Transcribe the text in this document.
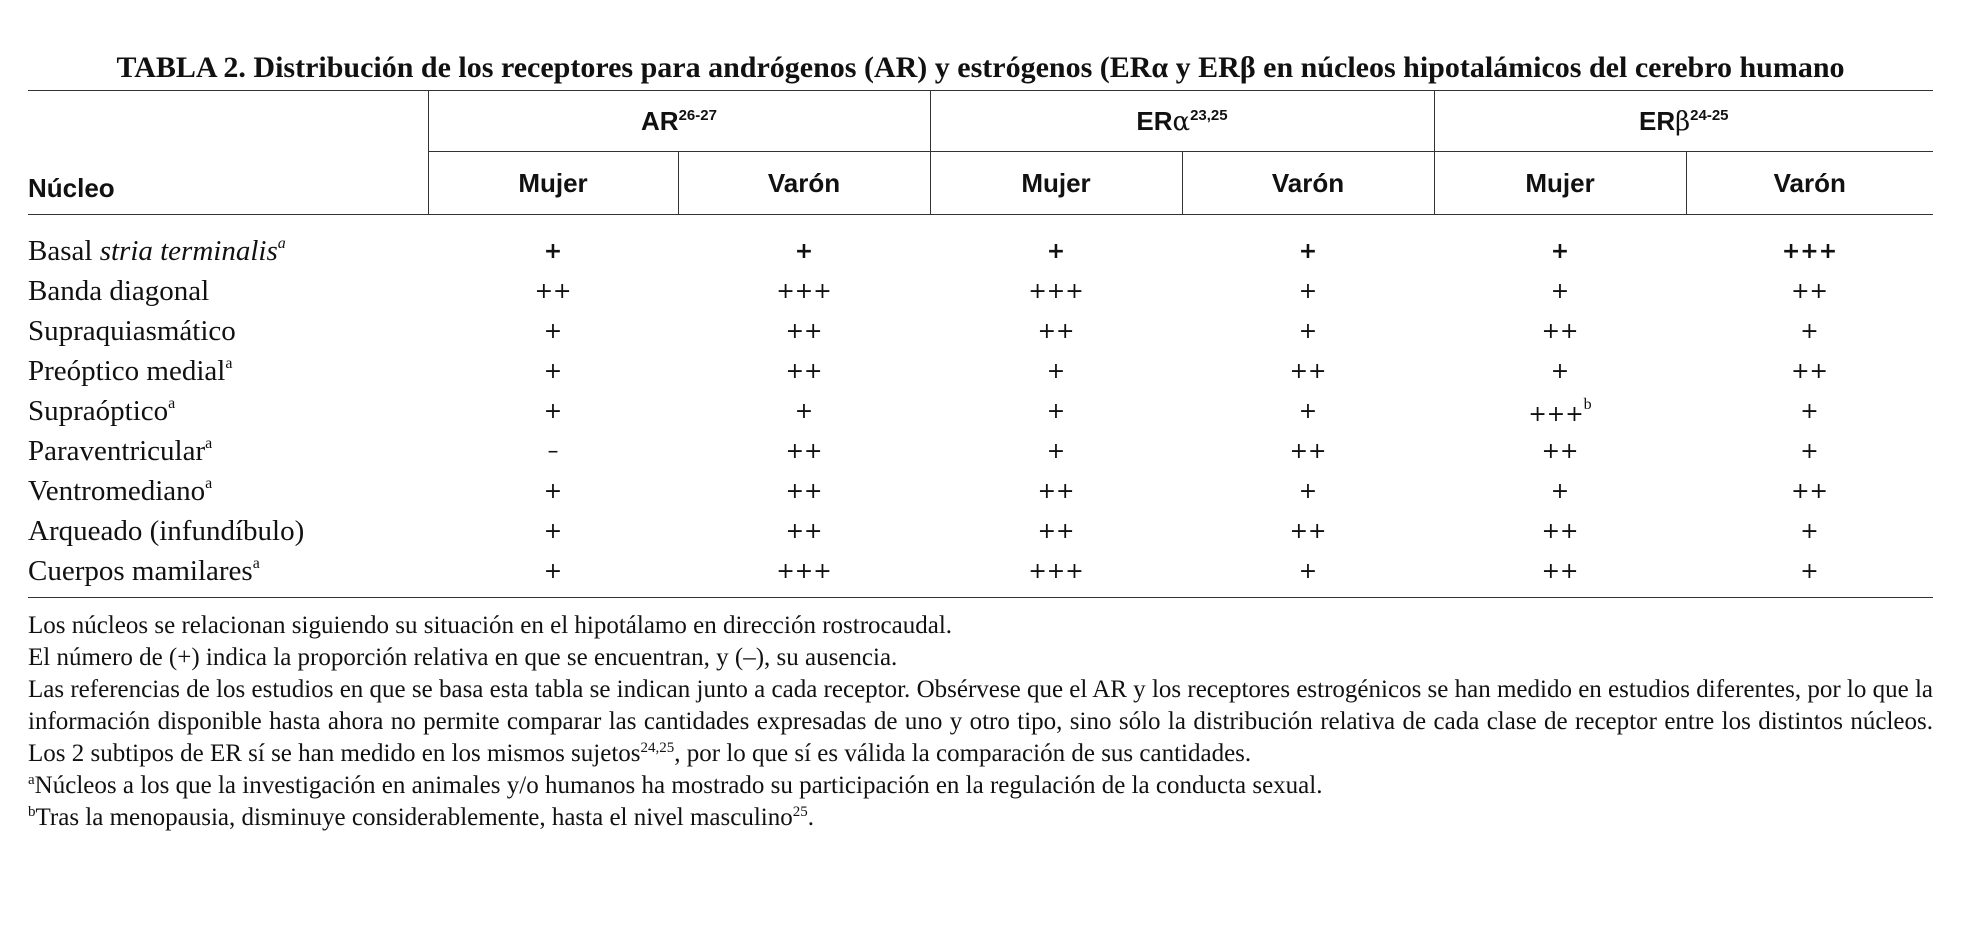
TABLA 2. Distribución de los receptores para andrógenos (AR) y estrógenos (ERα y ERβ en núcleos hipotalámicos del cerebro humano
Núcleo	AR$^{26-27}$		ERα$^{23,25}$		ERβ$^{24-25}$
	Mujer	Varón	Mujer	Varón	Mujer	Varón
Basal stria terminalis$^a$	+	+	+	+	+	+++
Banda diagonal	++	+++	+++	+	+	++
Supraquiasmático	+	++	++	+	++	+
Preóptico medial$^a$	+	++	+	++	+	++
Supraóptico$^a$	+	+	+	+	+++$^b$	+
Paraventricular$^a$	–	++	+	++	++	+
Ventromediano$^a$	+	++	++	+	+	++
Arqueado (infundíbulo)	+	++	++	++	++	+
Cuerpos mamilares$^a$	+	+++	+++	+	++	+

Los núcleos se relacionan siguiendo su situación en el hipotálamo en dirección rostrocaudal.

El número de (+) indica la proporción relativa en que se encuentran, y (–), su ausencia.

Las referencias de los estudios en que se basa esta tabla se indican junto a cada receptor. Obsérvese que el AR y los receptores estrogénicos se han medido en estudios diferentes, por lo que la información disponible hasta ahora no permite comparar las cantidades expresadas de uno y otro tipo, sino sólo la distribución relativa de cada clase de receptor entre los distintos núcleos. Los 2 subtipos de ER sí se han medido en los mismos sujetos$^{24,25}$, por lo que sí es válida la comparación de sus cantidades.

$^a$Núcleos a los que la investigación en animales y/o humanos ha mostrado su participación en la regulación de la conducta sexual.

$^b$Tras la menopausia, disminuye considerablemente, hasta el nivel masculino$^{25}$.
